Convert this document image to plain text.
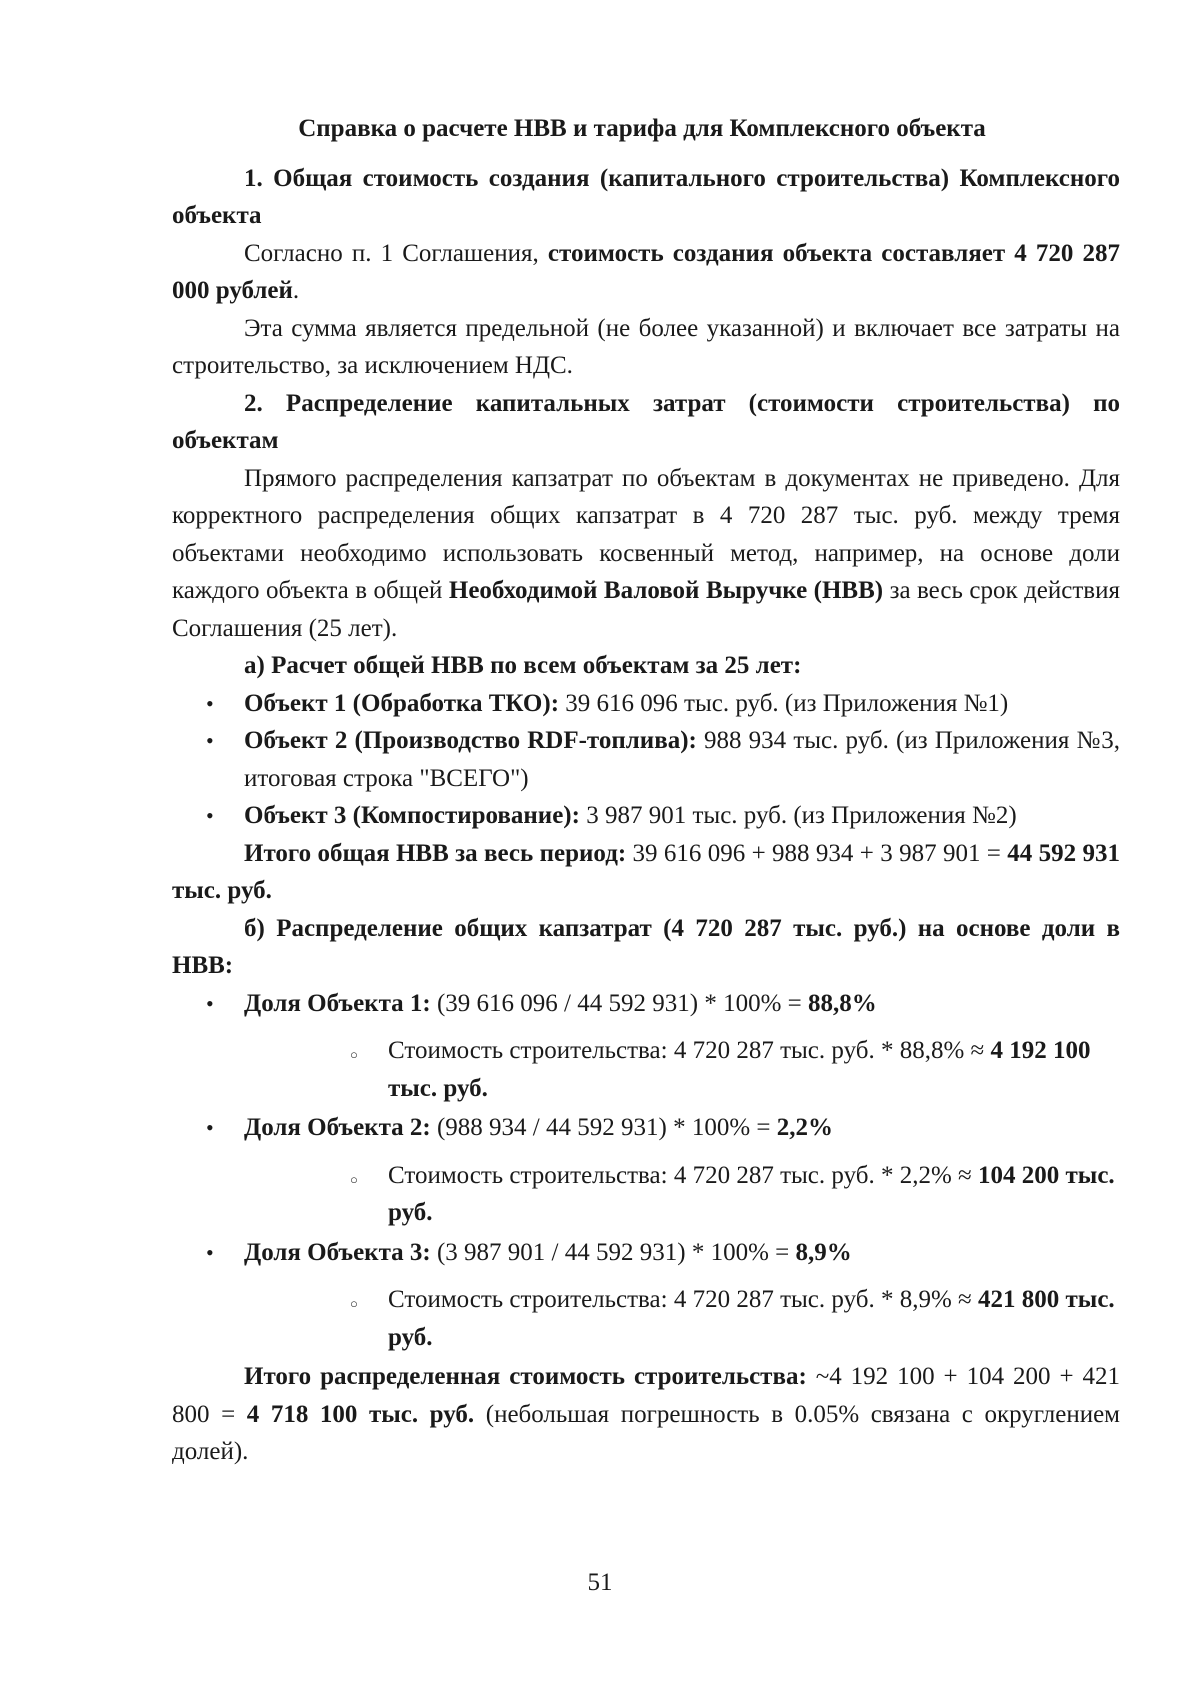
Справка о расчете НВВ и тарифа для Комплексного объекта

1. Общая стоимость создания (капитального строительства) Комплексного объекта

Согласно п. 1 Соглашения, стоимость создания объекта составляет 4 720 287 000 рублей.

Эта сумма является предельной (не более указанной) и включает все затраты на строительство, за исключением НДС.

2. Распределение капитальных затрат (стоимости строительства) по объектам

Прямого распределения капзатрат по объектам в документах не приведено. Для корректного распределения общих капзатрат в 4 720 287 тыс. руб. между тремя объектами необходимо использовать косвенный метод, например, на основе доли каждого объекта в общей Необходимой Валовой Выручке (НВВ) за весь срок действия Соглашения (25 лет).

а) Расчет общей НВВ по всем объектам за 25 лет:

• Объект 1 (Обработка ТКО): 39 616 096 тыс. руб. (из Приложения №1)
• Объект 2 (Производство RDF-топлива): 988 934 тыс. руб. (из Приложения №3, итоговая строка "ВСЕГО")
• Объект 3 (Компостирование): 3 987 901 тыс. руб. (из Приложения №2)

Итого общая НВВ за весь период: 39 616 096 + 988 934 + 3 987 901 = 44 592 931 тыс. руб.

б) Распределение общих капзатрат (4 720 287 тыс. руб.) на основе доли в НВВ:

• Доля Объекта 1: (39 616 096 / 44 592 931) * 100% = 88,8%
○ Стоимость строительства: 4 720 287 тыс. руб. * 88,8% ≈ 4 192 100 тыс. руб.
• Доля Объекта 2: (988 934 / 44 592 931) * 100% = 2,2%
○ Стоимость строительства: 4 720 287 тыс. руб. * 2,2% ≈ 104 200 тыс. руб.
• Доля Объекта 3: (3 987 901 / 44 592 931) * 100% = 8,9%
○ Стоимость строительства: 4 720 287 тыс. руб. * 8,9% ≈ 421 800 тыс. руб.

Итого распределенная стоимость строительства: ~4 192 100 + 104 200 + 421 800 = 4 718 100 тыс. руб. (небольшая погрешность в 0.05% связана с округлением долей).

51
